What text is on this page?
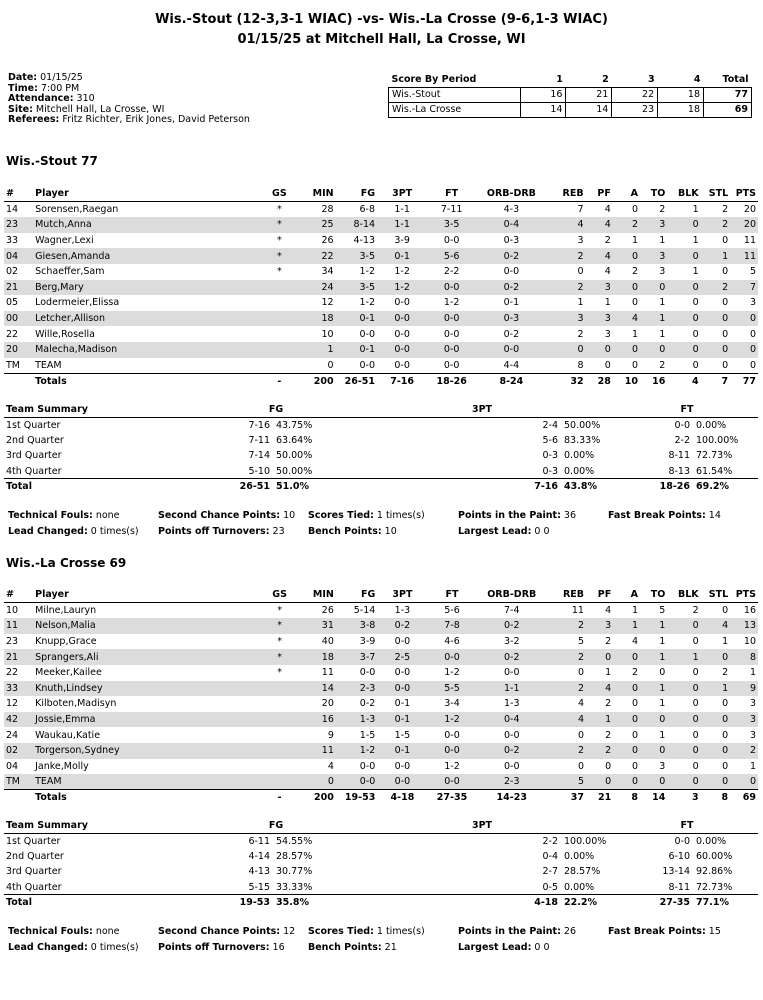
Wis.-Stout (12-3,3-1 WIAC) -vs- Wis.-La Crosse (9-6,1-3 WIAC)
01/15/25 at Mitchell Hall, La Crosse, WI
Date: 01/15/25
Time: 7:00 PM
Attendance: 310
Site: Mitchell Hall, La Crosse, WI
Referees: Fritz Richter, Erik Jones, David Peterson
Score By Period	1	2	3	4	Total
Wis.-Stout	16	21	22	18	77
Wis.-La Crosse	14	14	23	18	69
Wis.-Stout 77
#	Player	GS	MIN	FG	3PT	FT	ORB-DRB	REB	PF	A	TO	BLK	STL	PTS
14	Sorensen,Raegan	*	28	6-8	1-1	7-11	4-3	7	4	0	2	1	2	20
23	Mutch,Anna	*	25	8-14	1-1	3-5	0-4	4	4	2	3	0	2	20
33	Wagner,Lexi	*	26	4-13	3-9	0-0	0-3	3	2	1	1	1	0	11
04	Giesen,Amanda	*	22	3-5	0-1	5-6	0-2	2	4	0	3	0	1	11
02	Schaeffer,Sam	*	34	1-2	1-2	2-2	0-0	0	4	2	3	1	0	5
21	Berg,Mary		24	3-5	1-2	0-0	0-2	2	3	0	0	0	2	7
05	Lodermeier,Elissa		12	1-2	0-0	1-2	0-1	1	1	0	1	0	0	3
00	Letcher,Allison		18	0-1	0-0	0-0	0-3	3	3	4	1	0	0	0
22	Wille,Rosella		10	0-0	0-0	0-0	0-2	2	3	1	1	0	0	0
20	Malecha,Madison		1	0-1	0-0	0-0	0-0	0	0	0	0	0	0	0
TM	TEAM		0	0-0	0-0	0-0	4-4	8	0	0	2	0	0	0
	Totals	-	200	26-51	7-16	18-26	8-24	32	28	10	16	4	7	77
Team Summary	FG		3PT		FT	
1st Quarter	7-16	43.75%	2-4	50.00%	0-0	0.00%
2nd Quarter	7-11	63.64%	5-6	83.33%	2-2	100.00%
3rd Quarter	7-14	50.00%	0-3	0.00%	8-11	72.73%
4th Quarter	5-10	50.00%	0-3	0.00%	8-13	61.54%
Total	26-51	51.0%	7-16	43.8%	18-26	69.2%
Technical Fouls: none	Second Chance Points: 10 Scores Tied: 1 times(s)	Points in the Paint: 36	Fast Break Points: 14
Lead Changed: 0 times(s) Points off Turnovers: 23 Bench Points: 10	Largest Lead: 0 0
Wis.-La Crosse 69
#	Player	GS	MIN	FG	3PT	FT	ORB-DRB	REB	PF	A	TO	BLK	STL	PTS
10	Milne,Lauryn	*	26	5-14	1-3	5-6	7-4	11	4	1	5	2	0	16
11	Nelson,Malia	*	31	3-8	0-2	7-8	0-2	2	3	1	1	0	4	13
23	Knupp,Grace	*	40	3-9	0-0	4-6	3-2	5	2	4	1	0	1	10
21	Sprangers,Ali	*	18	3-7	2-5	0-0	0-2	2	0	0	1	1	0	8
22	Meeker,Kailee	*	11	0-0	0-0	1-2	0-0	0	1	2	0	0	2	1
33	Knuth,Lindsey		14	2-3	0-0	5-5	1-1	2	4	0	1	0	1	9
12	Kilboten,Madisyn		20	0-2	0-1	3-4	1-3	4	2	0	1	0	0	3
42	Jossie,Emma		16	1-3	0-1	1-2	0-4	4	1	0	0	0	0	3
24	Waukau,Katie		9	1-5	1-5	0-0	0-0	0	2	0	1	0	0	3
02	Torgerson,Sydney		11	1-2	0-1	0-0	0-2	2	2	0	0	0	0	2
04	Janke,Molly		4	0-0	0-0	1-2	0-0	0	0	0	3	0	0	1
TM	TEAM		0	0-0	0-0	0-0	2-3	5	0	0	0	0	0	0
	Totals	-	200	19-53	4-18	27-35	14-23	37	21	8	14	3	8	69
Team Summary	FG		3PT		FT	
1st Quarter	6-11	54.55%	2-2	100.00%	0-0	0.00%
2nd Quarter	4-14	28.57%	0-4	0.00%	6-10	60.00%
3rd Quarter	4-13	30.77%	2-7	28.57%	13-14	92.86%
4th Quarter	5-15	33.33%	0-5	0.00%	8-11	72.73%
Total	19-53	35.8%	4-18	22.2%	27-35	77.1%
Technical Fouls: none	Second Chance Points: 12 Scores Tied: 1 times(s)	Points in the Paint: 26	Fast Break Points: 15
Lead Changed: 0 times(s) Points off Turnovers: 16 Bench Points: 21	Largest Lead: 0 0
